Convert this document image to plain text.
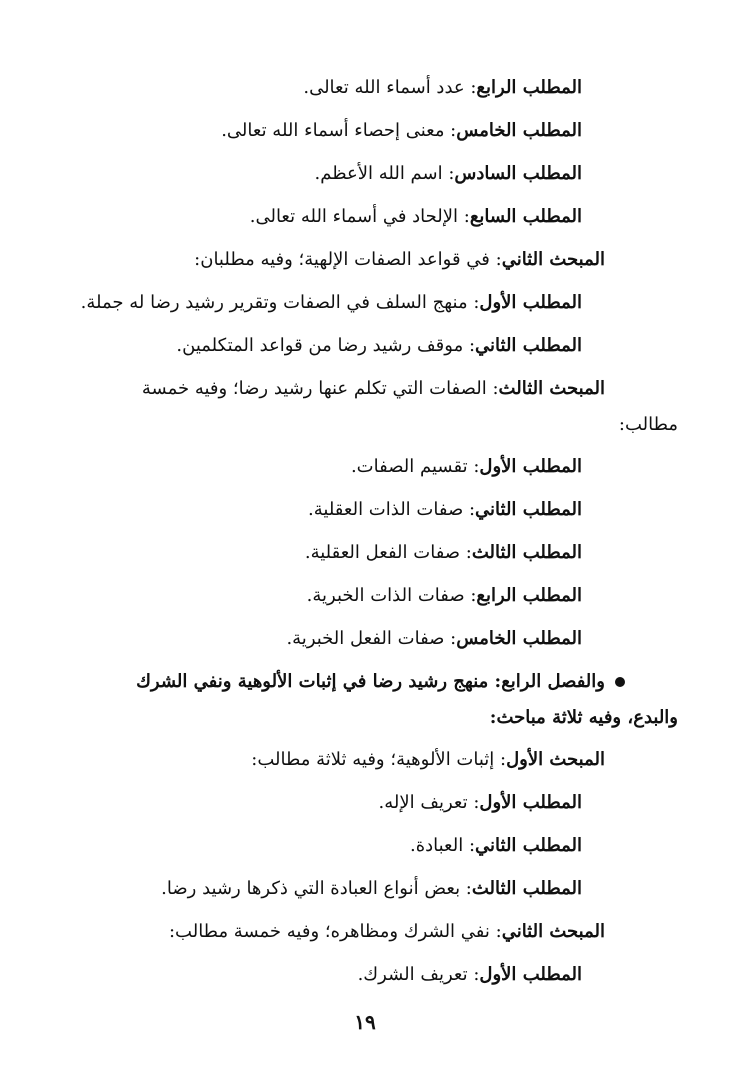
المطلب الرابع: عدد أسماء الله تعالى.
المطلب الخامس: معنى إحصاء أسماء الله تعالى.
المطلب السادس: اسم الله الأعظم.
المطلب السابع: الإلحاد في أسماء الله تعالى.
المبحث الثاني: في قواعد الصفات الإلهية؛ وفيه مطلبان:
المطلب الأول: منهج السلف في الصفات وتقرير رشيد رضا له جملة.
المطلب الثاني: موقف رشيد رضا من قواعد المتكلمين.
المبحث الثالث: الصفات التي تكلم عنها رشيد رضا؛ وفيه خمسة
مطالب:
المطلب الأول: تقسيم الصفات.
المطلب الثاني: صفات الذات العقلية.
المطلب الثالث: صفات الفعل العقلية.
المطلب الرابع: صفات الذات الخبرية.
المطلب الخامس: صفات الفعل الخبرية.
والفصل الرابع: منهج رشيد رضا في إثبات الألوهية ونفي الشرك
والبدع، وفيه ثلاثة مباحث:
المبحث الأول: إثبات الألوهية؛ وفيه ثلاثة مطالب:
المطلب الأول: تعريف الإله.
المطلب الثاني: العبادة.
المطلب الثالث: بعض أنواع العبادة التي ذكرها رشيد رضا.
المبحث الثاني: نفي الشرك ومظاهره؛ وفيه خمسة مطالب:
المطلب الأول: تعريف الشرك.
١٩
